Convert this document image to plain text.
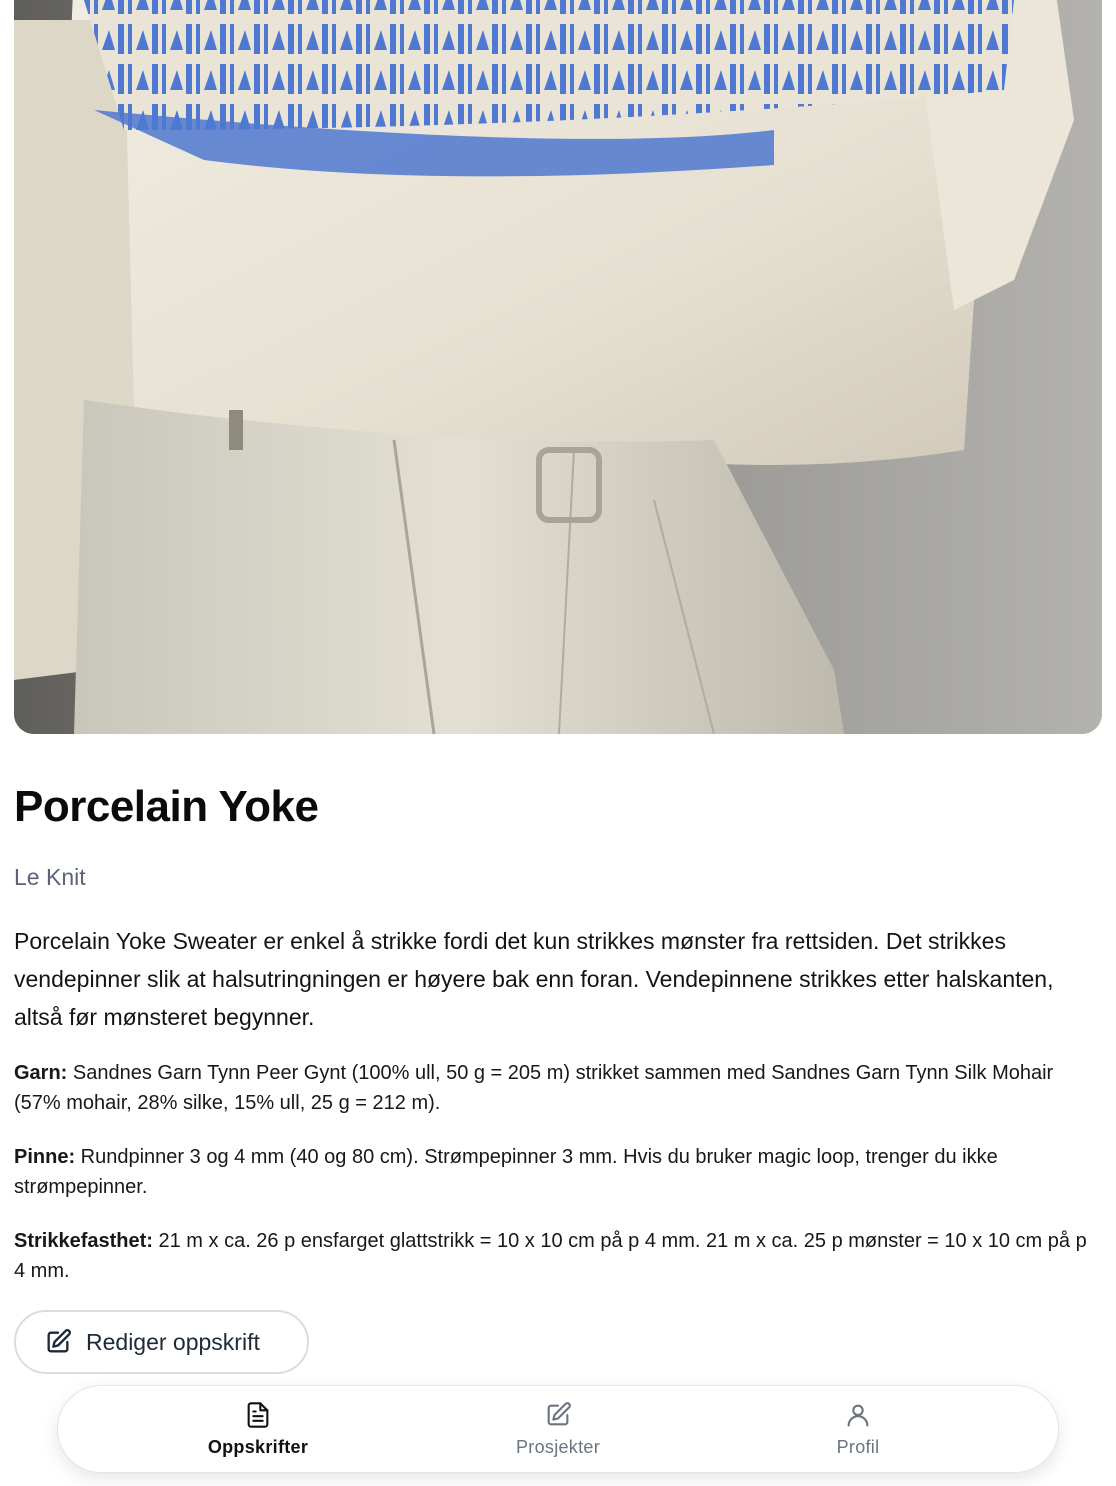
Porcelain Yoke
Le Knit

Porcelain Yoke Sweater er enkel å strikke fordi det kun strikkes mønster fra rettsiden. Det strikkes vendepinner slik at halsutringningen er høyere bak enn foran. Vendepinnene strikkes etter halskanten, altså før mønsteret begynner.

Garn: Sandnes Garn Tynn Peer Gynt (100% ull, 50 g = 205 m) strikket sammen med Sandnes Garn Tynn Silk Mohair (57% mohair, 28% silke, 15% ull, 25 g = 212 m).

Pinne: Rundpinner 3 og 4 mm (40 og 80 cm). Strømpepinner 3 mm. Hvis du bruker magic loop, trenger du ikke strømpepinner.

Strikkefasthet: 21 m x ca. 26 p ensfarget glattstrikk = 10 x 10 cm på p 4 mm. 21 m x ca. 25 p mønster = 10 x 10 cm på p 4 mm.

Rediger oppskrift
Oppskrifter	Prosjekter	Profil
